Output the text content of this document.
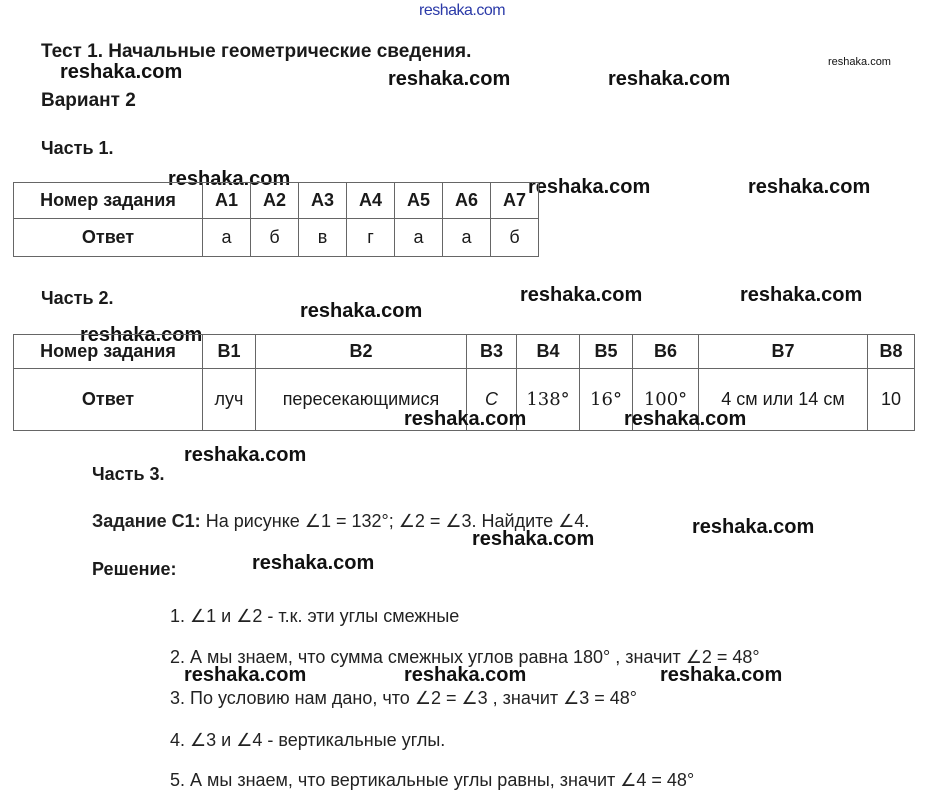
reshaka.com
reshaka.com
reshaka.com	reshaka.com	reshaka.com
reshaka.com	reshaka.com	reshaka.com
reshaka.com	reshaka.com
reshaka.com
reshaka.com
Тест 1. Начальные геометрические сведения.
Вариант 2
Часть 1.
Номер задания	A1	A2	A3	A4	A5	A6	A7
Ответ	а	б	в	г	а	а	б
Часть 2.
Номер задания	B1	B2	B3	B4	B5	B6	B7	B8
Ответ	луч	пересекающимися	C	138°	16°	100°	4 см или 14 см	10
reshaka.com	reshaka.com
reshaka.com
Часть 3.
Задание С1: На рисунке ∠1 = 132°; ∠2 = ∠3. Найдите ∠4.	reshaka.com
reshaka.com
Решение:	reshaka.com
1. ∠1 и ∠2 - т.к. эти углы смежные
2. А мы знаем, что сумма смежных углов равна 180° , значит ∠2 = 48°
reshaka.com	reshaka.com	reshaka.com
3. По условию нам дано, что ∠2 = ∠3 , значит ∠3 = 48°
4. ∠3 и ∠4 - вертикальные углы.
5. А мы знаем, что вертикальные углы равны, значит ∠4 = 48°
